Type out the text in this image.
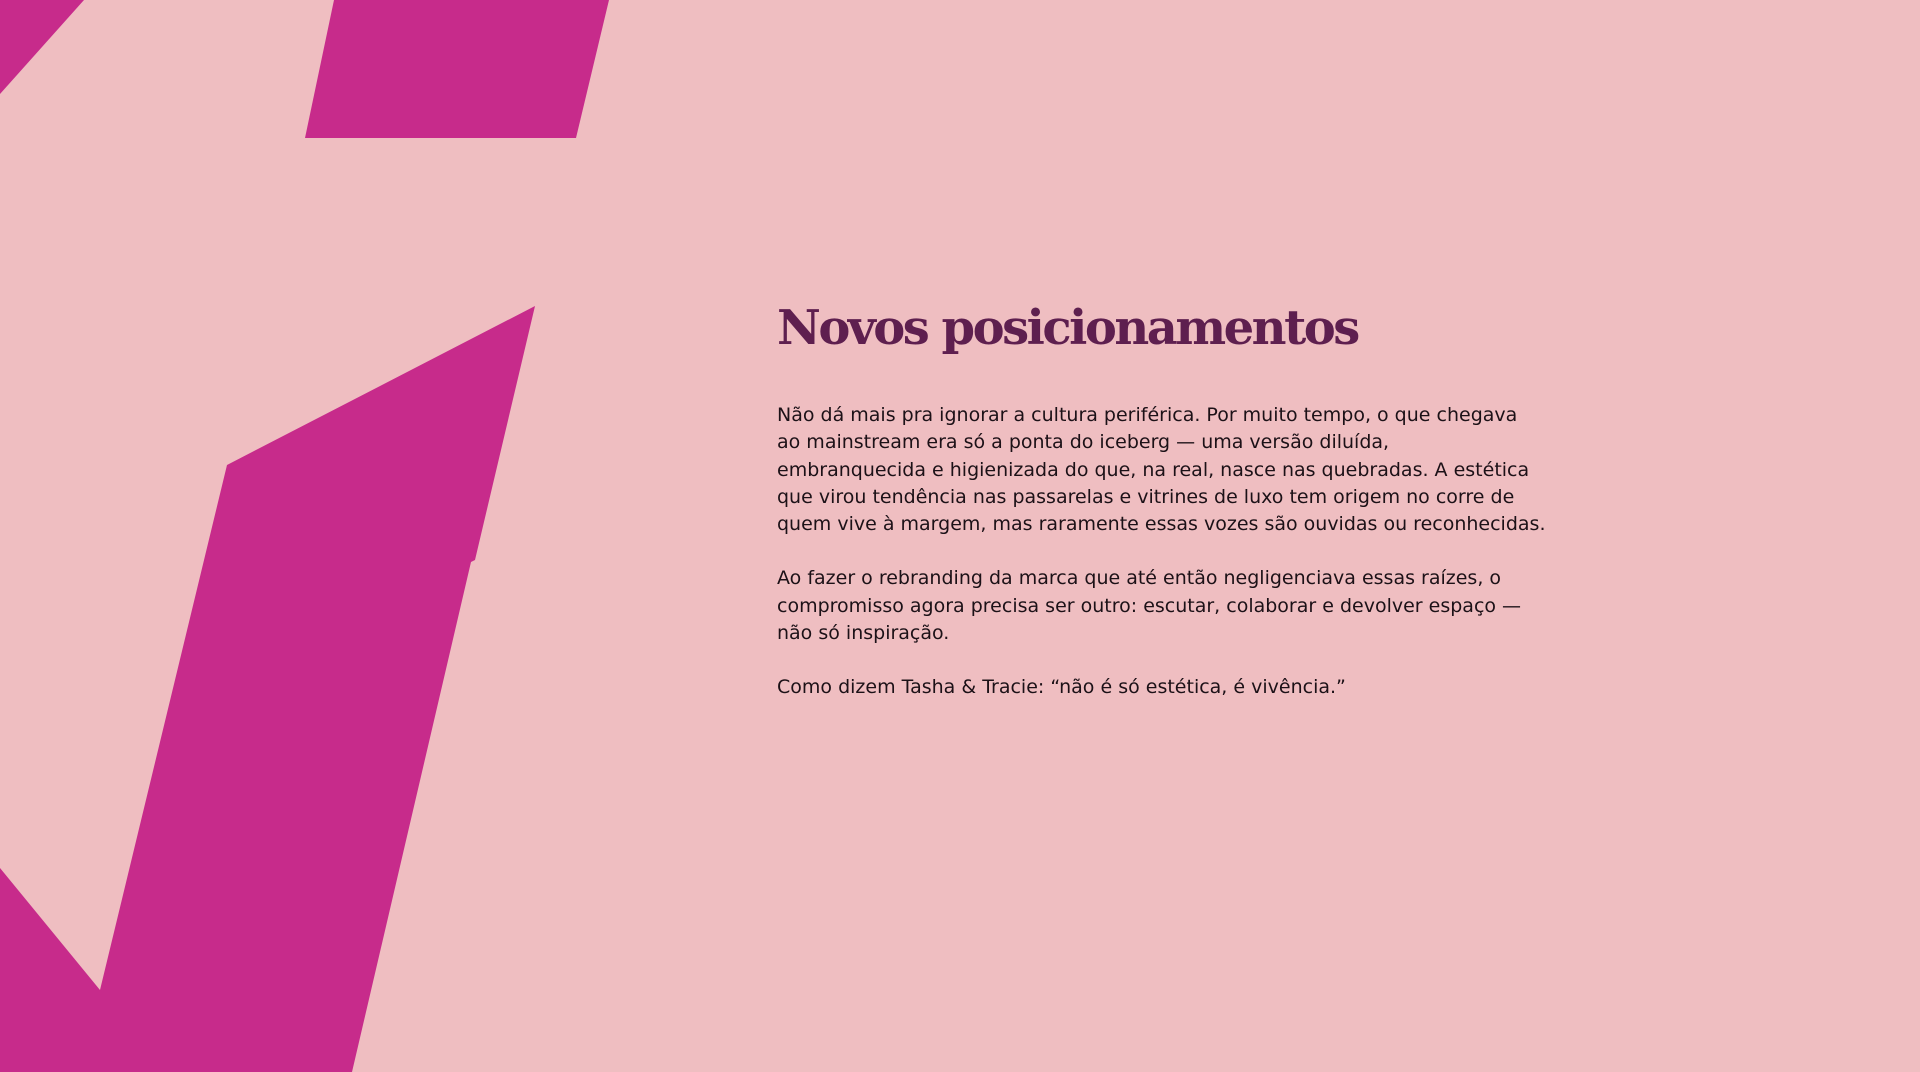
Novos posicionamentos

Não dá mais pra ignorar a cultura periférica. Por muito tempo, o que chegava
ao mainstream era só a ponta do iceberg — uma versão diluída,
embranquecida e higienizada do que, na real, nasce nas quebradas. A estética
que virou tendência nas passarelas e vitrines de luxo tem origem no corre de
quem vive à margem, mas raramente essas vozes são ouvidas ou reconhecidas.

Ao fazer o rebranding da marca que até então negligenciava essas raízes, o
compromisso agora precisa ser outro: escutar, colaborar e devolver espaço —
não só inspiração.

Como dizem Tasha & Tracie: “não é só estética, é vivência.”
